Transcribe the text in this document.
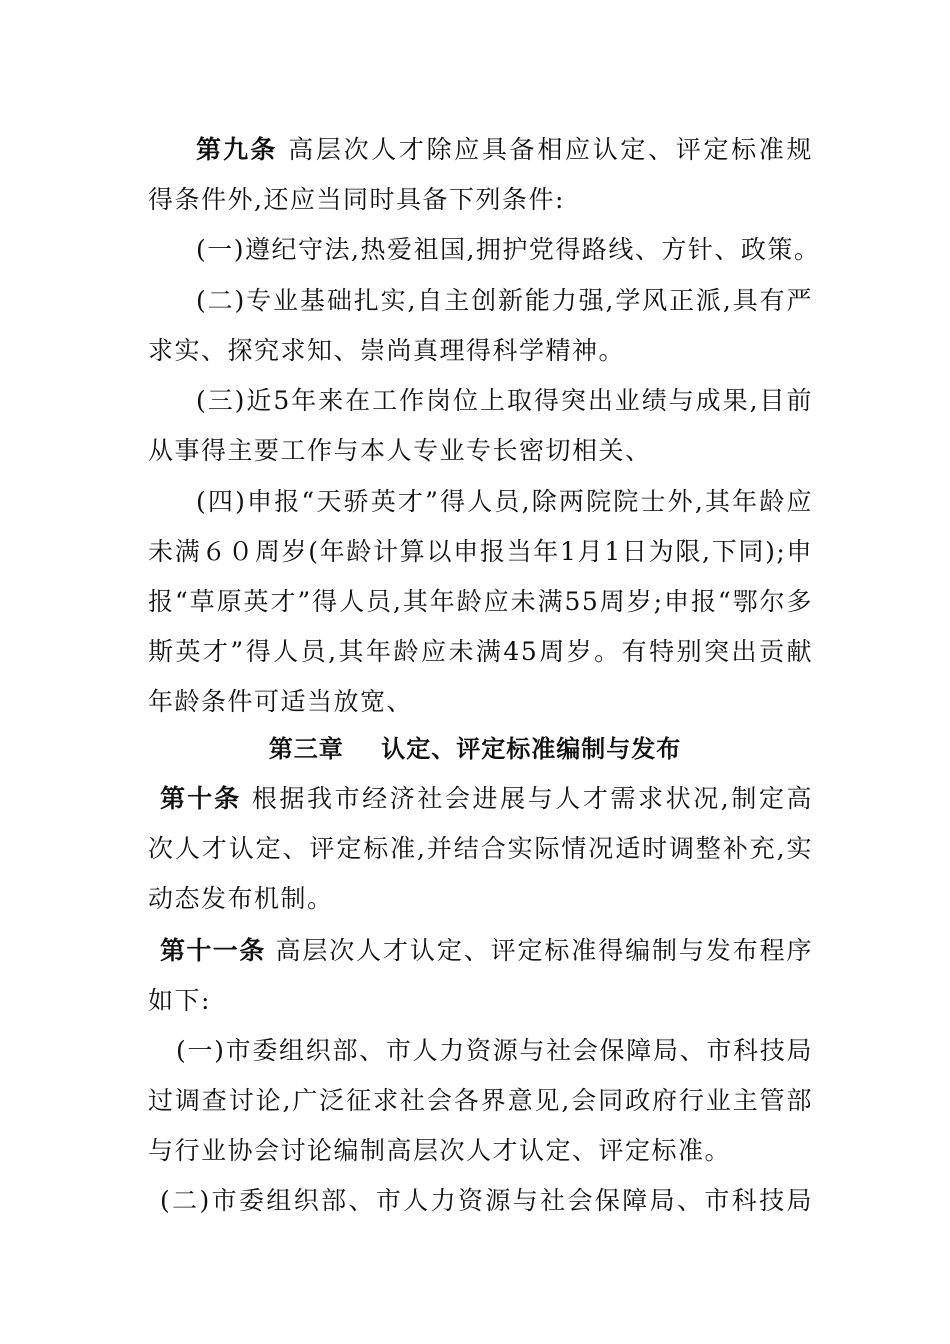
第九条 高层次人才除应具备相应认定、评定标准规
得条件外,还应当同时具备下列条件:
(一)遵纪守法,热爱祖国,拥护党得路线、方针、政策。
(二)专业基础扎实,自主创新能力强,学风正派,具有严
求实、探究求知、崇尚真理得科学精神。
(三)近5年来在工作岗位上取得突出业绩与成果,目前
从事得主要工作与本人专业专长密切相关、
(四)申报“天骄英才”得人员,除两院院士外,其年龄应
未满６０周岁(年龄计算以申报当年1月1日为限,下同);申
报“草原英才”得人员,其年龄应未满55周岁;申报“鄂尔多
斯英才”得人员,其年龄应未满45周岁。有特别突出贡献
年龄条件可适当放宽、
第三章    认定、评定标准编制与发布
第十条 根据我市经济社会进展与人才需求状况,制定高
次人才认定、评定标准,并结合实际情况适时调整补充,实
动态发布机制。
第十一条 高层次人才认定、评定标准得编制与发布程序
如下:
(一)市委组织部、市人力资源与社会保障局、市科技局
过调查讨论,广泛征求社会各界意见,会同政府行业主管部
与行业协会讨论编制高层次人才认定、评定标准。
(二)市委组织部、市人力资源与社会保障局、市科技局
